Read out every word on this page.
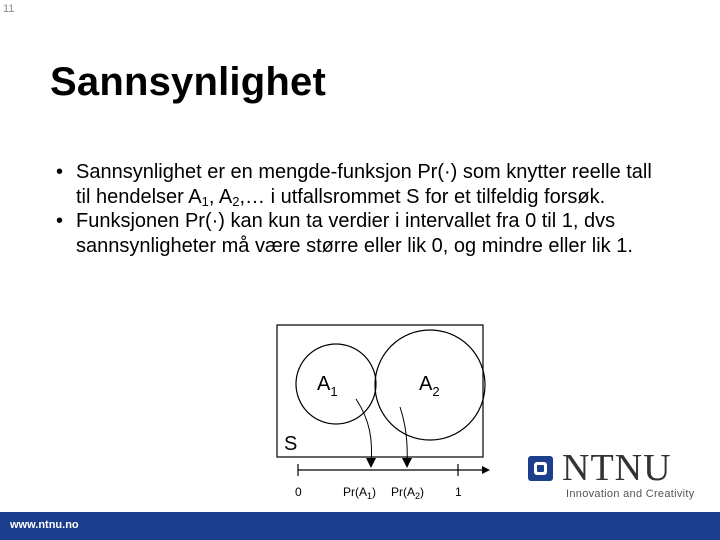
11
Sannsynlighet
• Sannsynlighet er en mengde-funksjon Pr(·) som knytter reelle tall til hendelser $A_1$, $A_2,\dots$ i utfallsrommet S for et tilfeldig forsøk.
• Funksjonen Pr(·) kan kun ta verdier i intervallet fra 0 til 1, dvs sannsynligheter må være større eller lik 0, og mindre eller lik 1.
$A_1$	$A_2$
S
0	1
$Pr(A_1)$ $Pr(A_2)$
NTNU
Innovation and Creativity
www.ntnu.no
